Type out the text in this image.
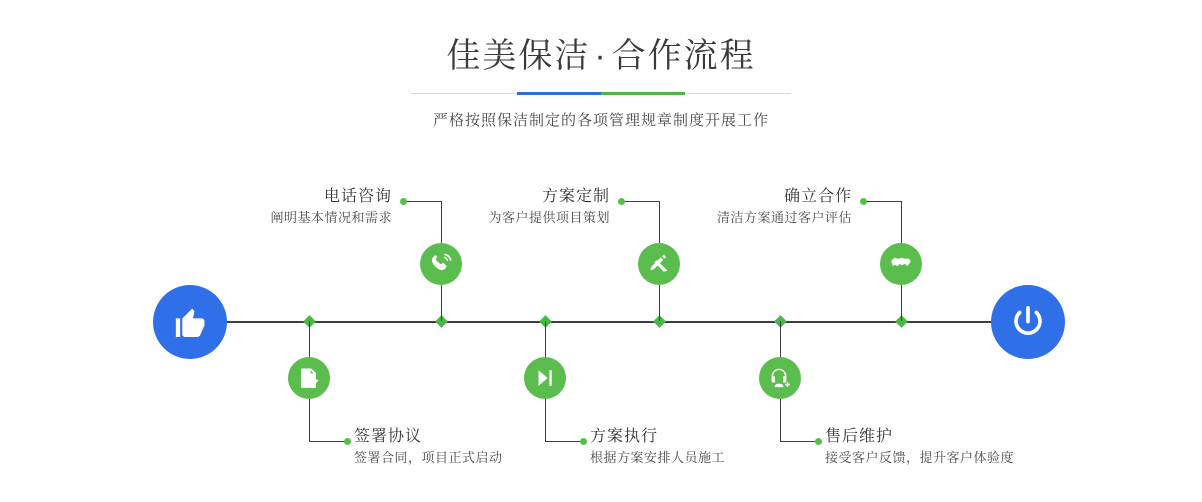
佳美保洁 · 合作流程
严格按照保洁制定的各项管理规章制度开展工作
电话咨询
阐明基本情况和需求
签署协议
签署合同，项目正式启动
方案定制
为客户提供项目策划
方案执行
根据方案安排人员施工
确立合作
清洁方案通过客户评估
售后维护
接受客户反馈，提升客户体验度
